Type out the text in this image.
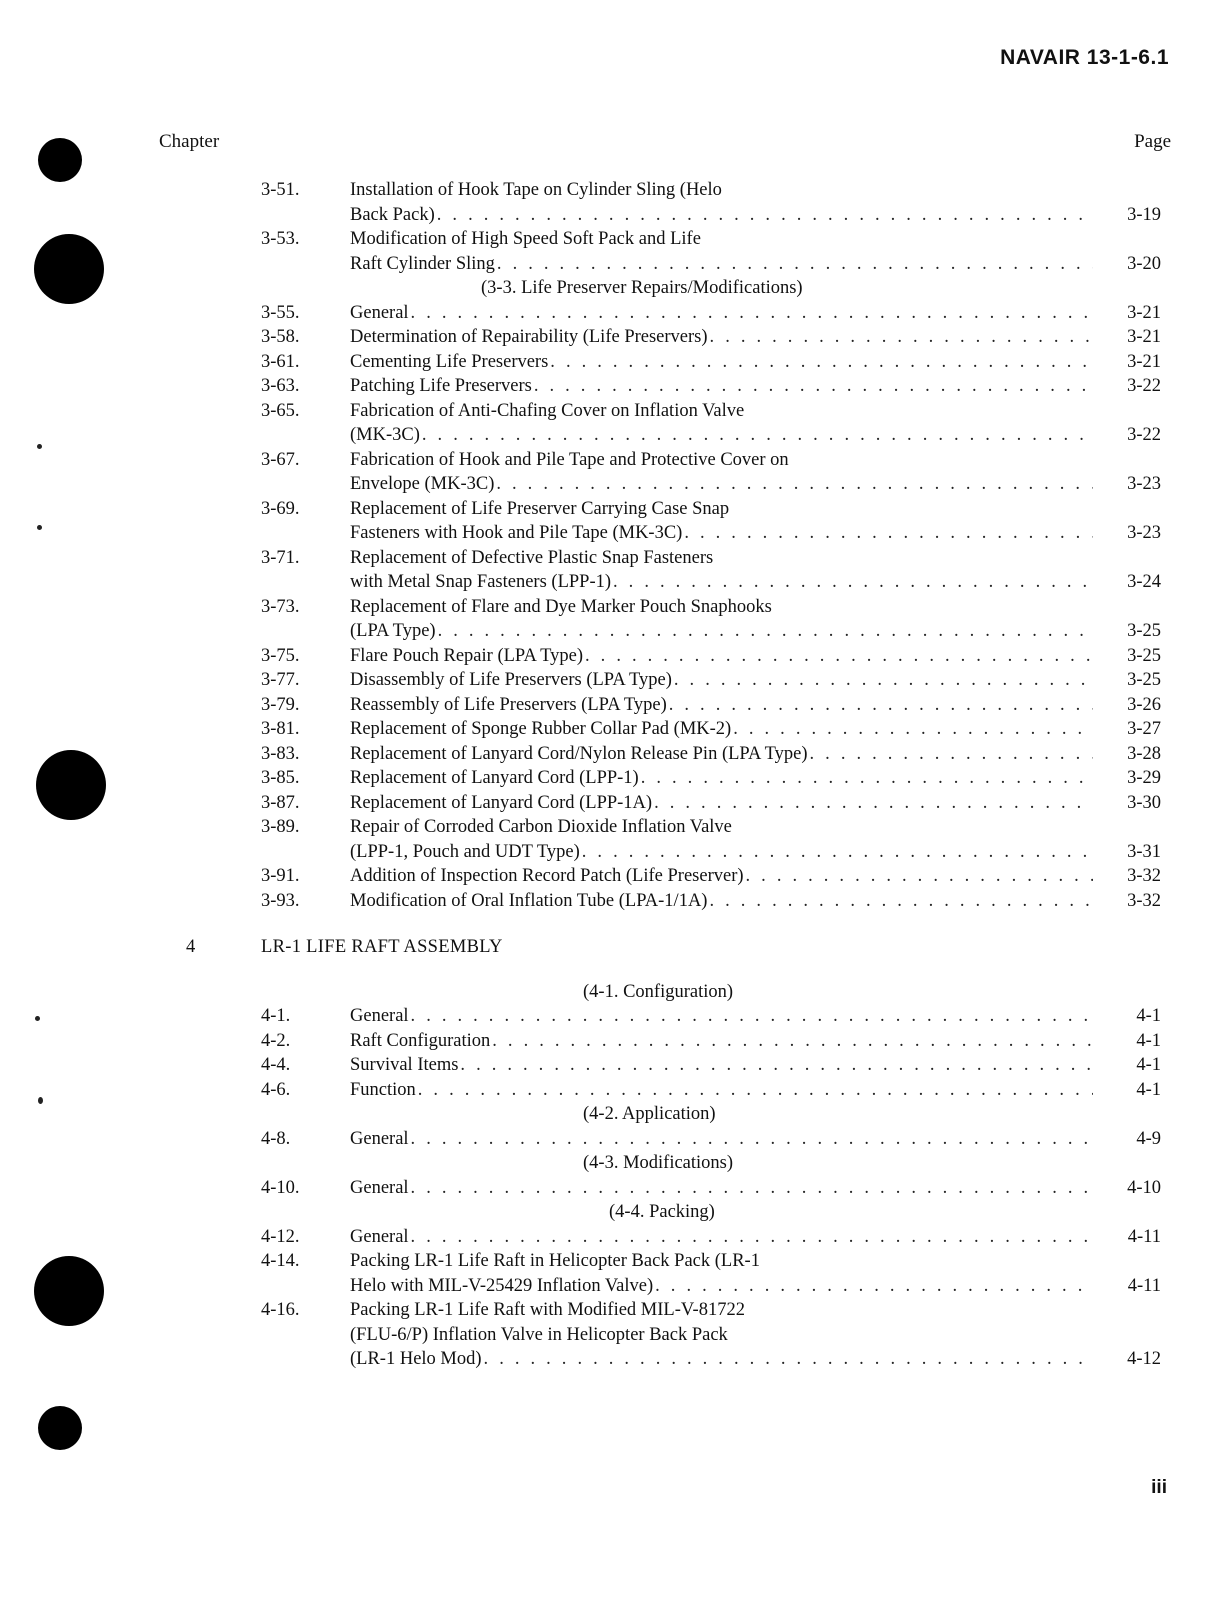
NAVAIR 13-1-6.1
Chapter	Page
3-51.	Installation of Hook Tape on Cylinder Sling (Helo
Back Pack) . . .	3-19
3-53.	Modification of High Speed Soft Pack and Life
Raft Cylinder Sling . . .	3-20
(3-3. Life Preserver Repairs/Modifications)
3-55.	General . . .	3-21
3-58.	Determination of Repairability (Life Preservers) . . .	3-21
3-61.	Cementing Life Preservers . . .	3-21
3-63.	Patching Life Preservers . . .	3-22
3-65.	Fabrication of Anti-Chafing Cover on Inflation Valve
(MK-3C) . . .	3-22
3-67.	Fabrication of Hook and Pile Tape and Protective Cover on
Envelope (MK-3C) . . .	3-23
3-69.	Replacement of Life Preserver Carrying Case Snap
Fasteners with Hook and Pile Tape (MK-3C) . . .	3-23
3-71.	Replacement of Defective Plastic Snap Fasteners
with Metal Snap Fasteners (LPP-1) . . .	3-24
3-73.	Replacement of Flare and Dye Marker Pouch Snaphooks
(LPA Type) . . .	3-25
3-75.	Flare Pouch Repair (LPA Type) . . .	3-25
3-77.	Disassembly of Life Preservers (LPA Type) . . .	3-25
3-79.	Reassembly of Life Preservers (LPA Type) . . .	3-26
3-81.	Replacement of Sponge Rubber Collar Pad (MK-2) . . .	3-27
3-83.	Replacement of Lanyard Cord/Nylon Release Pin (LPA Type) . . .	3-28
3-85.	Replacement of Lanyard Cord (LPP-1) . . .	3-29
3-87.	Replacement of Lanyard Cord (LPP-1A) . . .	3-30
3-89.	Repair of Corroded Carbon Dioxide Inflation Valve
(LPP-1, Pouch and UDT Type) . . .	3-31
3-91.	Addition of Inspection Record Patch (Life Preserver) . . .	3-32
3-93.	Modification of Oral Inflation Tube (LPA-1/1A) . . .	3-32
4	LR-1 LIFE RAFT ASSEMBLY
(4-1. Configuration)
4-1.	General . . .	4-1
4-2.	Raft Configuration . . .	4-1
4-4.	Survival Items . . .	4-1
4-6.	Function . . .	4-1
(4-2. Application)
4-8.	General . . .	4-9
(4-3. Modifications)
4-10.	General . . .	4-10
(4-4. Packing)
4-12.	General . . .	4-11
4-14.	Packing LR-1 Life Raft in Helicopter Back Pack (LR-1
Helo with MIL-V-25429 Inflation Valve) . . .	4-11
4-16.	Packing LR-1 Life Raft with Modified MIL-V-81722
(FLU-6/P) Inflation Valve in Helicopter Back Pack
(LR-1 Helo Mod) . . .	4-12
iii
